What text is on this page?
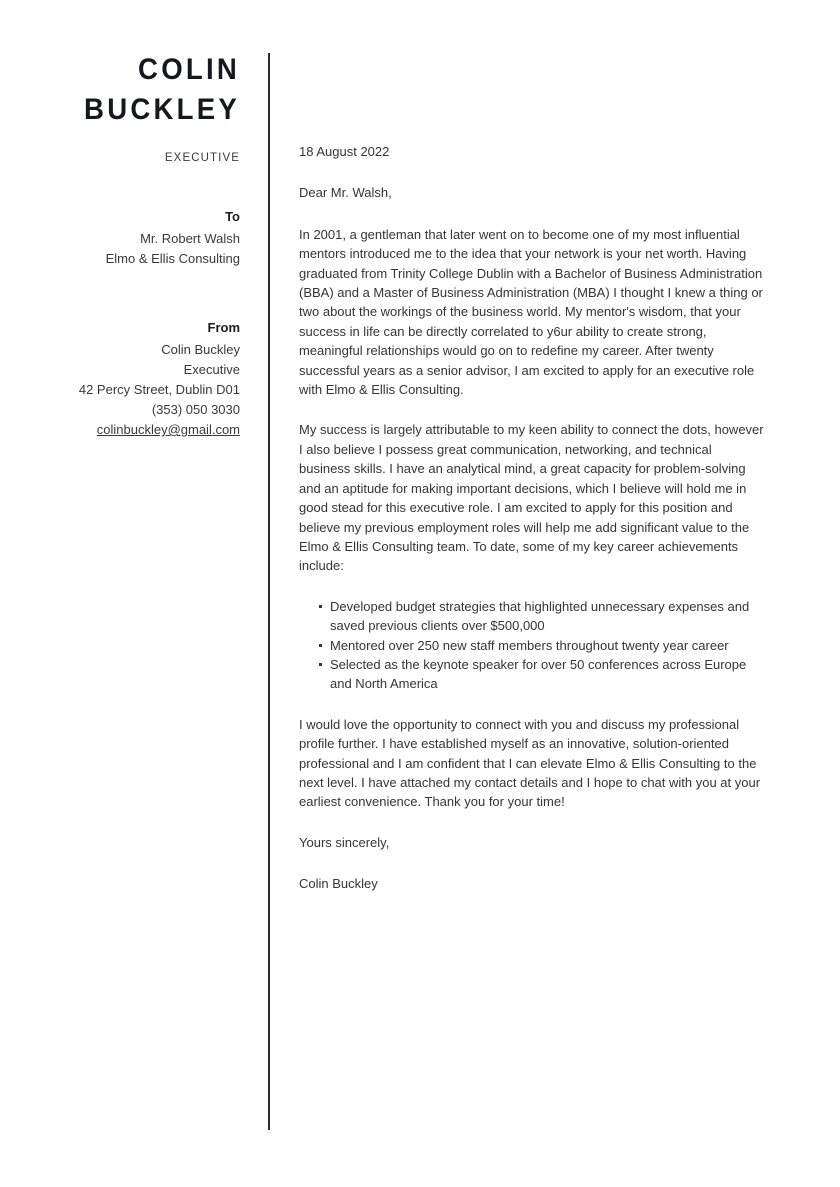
COLIN
BUCKLEY
EXECUTIVE
To
Mr. Robert Walsh
Elmo & Ellis Consulting
From
Colin Buckley
Executive
42 Percy Street, Dublin D01
(353) 050 3030
colinbuckley@gmail.com
18 August 2022
Dear Mr. Walsh,

In 2001, a gentleman that later went on to become one of my most influential mentors introduced me to the idea that your network is your net worth. Having graduated from Trinity College Dublin with a Bachelor of Business Administration (BBA) and a Master of Business Administration (MBA) I thought I knew a thing or two about the workings of the business world. My mentor's wisdom, that your success in life can be directly correlated to y6ur ability to create strong, meaningful relationships would go on to redefine my career. After twenty successful years as a senior advisor, I am excited to apply for an executive role with Elmo & Ellis Consulting.

My success is largely attributable to my keen ability to connect the dots, however I also believe I possess great communication, networking, and technical business skills. I have an analytical mind, a great capacity for problem-solving and an aptitude for making important decisions, which I believe will hold me in good stead for this executive role. I am excited to apply for this position and believe my previous employment roles will help me add significant value to the Elmo & Ellis Consulting team. To date, some of my key career achievements include:

Developed budget strategies that highlighted unnecessary expenses and saved previous clients over $500,000
Mentored over 250 new staff members throughout twenty year career
Selected as the keynote speaker for over 50 conferences across Europe and North America

I would love the opportunity to connect with you and discuss my professional profile further. I have established myself as an innovative, solution-oriented professional and I am confident that I can elevate Elmo & Ellis Consulting to the next level. I have attached my contact details and I hope to chat with you at your earliest convenience. Thank you for your time!

Yours sincerely,
Colin Buckley
